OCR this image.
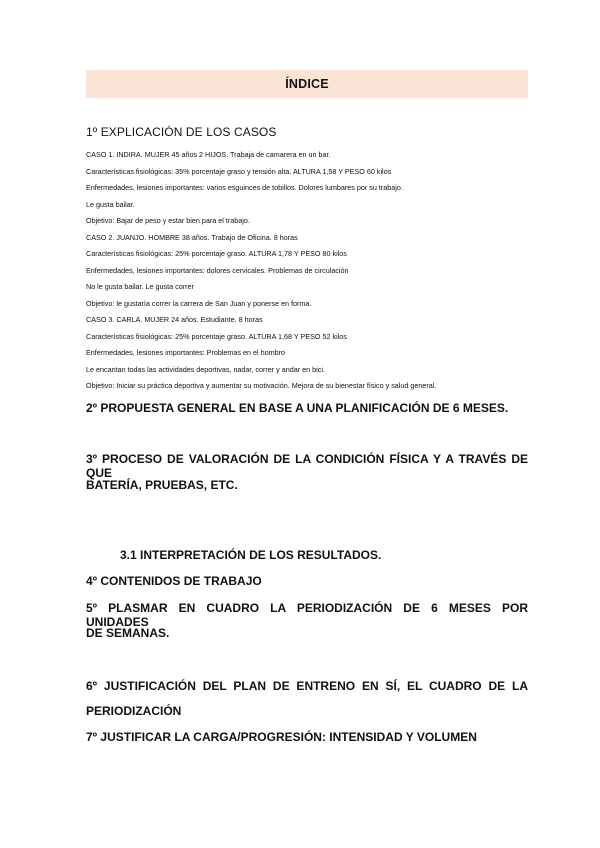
ÍNDICE
1º EXPLICACIÓN DE LOS CASOS
CASO 1. INDIRA. MUJER 45 años 2 HIJOS. Trabaja de camarera en un bar.
Características fisiológicas: 35% porcentaje graso y tensión alta. ALTURA 1,58 Y PESO 60 kilos
Enfermedades, lesiones importantes: varios esguinces de tobillos. Dolores lumbares por su trabajo.
Le gusta bailar.
Objetivo: Bajar de peso y estar bien para el trabajo.
CASO 2. JUANJO. HOMBRE 38 años. Trabajo de Oficina. 8 horas
Características fisiológicas: 25% porcentaje graso. ALTURA 1,78 Y PESO 80 kilos
Enfermedades, lesiones importantes: dolores cervicales. Problemas de circulación
No le gusta bailar. Le gusta correr
Objetivo: le gustaría correr la carrera de San Juan y ponerse en forma.
CASO 3. CARLA. MUJER 24 años. Estudiante. 8 horas
Características fisiológicas: 25% porcentaje graso. ALTURA 1,68 Y PESO 52 kilos
Enfermedades, lesiones importantes: Problemas en el hombro
Le encantan todas las actividades deportivas, nadar, correr y andar en bici.
Objetivo: Iniciar su práctica deportiva y aumentar su motivación. Mejora de su bienestar físico y salud general.
2º PROPUESTA GENERAL EN BASE A UNA PLANIFICACIÓN DE 6 MESES.
3º PROCESO DE VALORACIÓN DE LA CONDICIÓN FÍSICA Y A TRAVÉS DE QUE
BATERÍA, PRUEBAS, ETC.
3.1 INTERPRETACIÓN DE LOS RESULTADOS.
4º CONTENIDOS DE TRABAJO
5º PLASMAR EN CUADRO LA PERIODIZACIÓN DE 6 MESES POR UNIDADES
DE SEMANAS.
6º JUSTIFICACIÓN DEL PLAN DE ENTRENO EN SÍ, EL CUADRO DE LA
PERIODIZACIÓN
7º JUSTIFICAR LA CARGA/PROGRESIÓN: INTENSIDAD Y VOLUMEN
